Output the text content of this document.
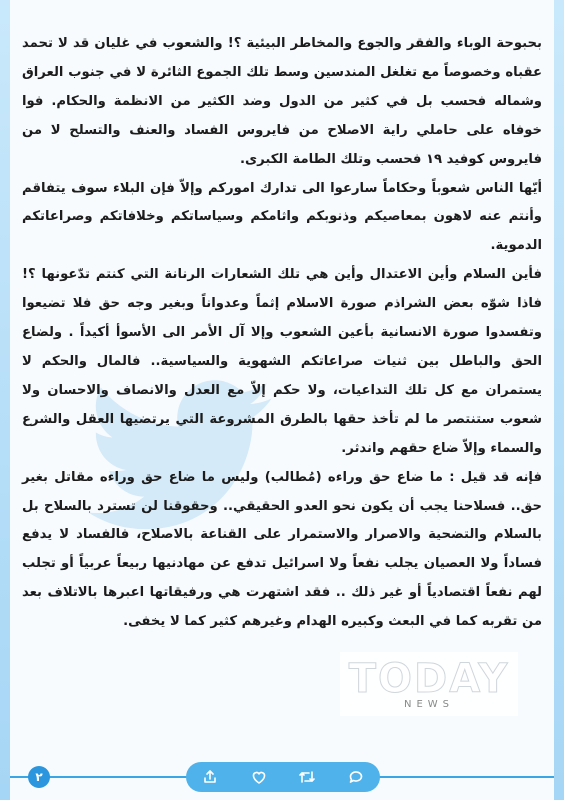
بحبوحة الوباء والفقر والجوع والمخاطر البيئية ؟! والشعوب في غليان قد لا تحمد عقباه وخصوصاً مع تغلغل المندسين وسط تلك الجموع الثائرة لا في جنوب العراق وشماله فحسب بل في كثير من الدول وضد الكثير من الانظمة والحكام. فوا خوفاه على حاملي راية الاصلاح من فايروس الفساد والعنف والتسلح لا من فايروس كوفيد ١٩ فحسب وتلك الطامة الكبرى.

أيّها الناس شعوباً وحكاماً سارعوا الى تدارك اموركم وإلاّ فإن البلاء سوف يتفاقم وأنتم عنه لاهون بمعاصيكم وذنوبكم واثامكم وسياساتكم وخلافاتكم وصراعاتكم الدموية.

فأين السلام وأين الاعتدال وأين هي تلك الشعارات الرنانة التي كنتم تدّعونها ؟! فاذا شوّه بعض الشراذم صورة الاسلام إثماً وعدواناً وبغير وجه حق فلا تضيعوا وتفسدوا صورة الانسانية بأعين الشعوب وإلا آل الأمر الى الأسوأ أكيداً . ولضاع الحق والباطل بين ثنيات صراعاتكم الشهوية والسياسية.. فالمال والحكم لا يستمران مع كل تلك التداعيات، ولا حكم إلاّ مع العدل والانصاف والاحسان ولا شعوب ستنتصر ما لم تأخذ حقها بالطرق المشروعة التي يرتضيها العقل والشرع والسماء وإلاّ ضاع حقهم واندثر.

فإنه قد قيل : ما ضاع حق وراءه (مُطالب) وليس ما ضاع حق وراءه مقاتل بغير حق.. فسلاحنا يجب أن يكون نحو العدو الحقيقي.. وحقوقنا لن تسترد بالسلاح بل بالسلام والتضحية والاصرار والاستمرار على القناعة بالاصلاح، فالفساد لا يدفع فساداً ولا العصيان يجلب نفعاً ولا اسرائيل تدفع عن مهادنيها ربيعاً عربياً أو تجلب لهم نفعاً اقتصادياً أو غير ذلك .. فقد اشتهرت هي ورفيقاتها اعبرها بالاتلاف بعد من تقربه كما في البعث وكبيره الهدام وغيرهم كثير كما لا يخفى.

TODAY
NEWS
٢
